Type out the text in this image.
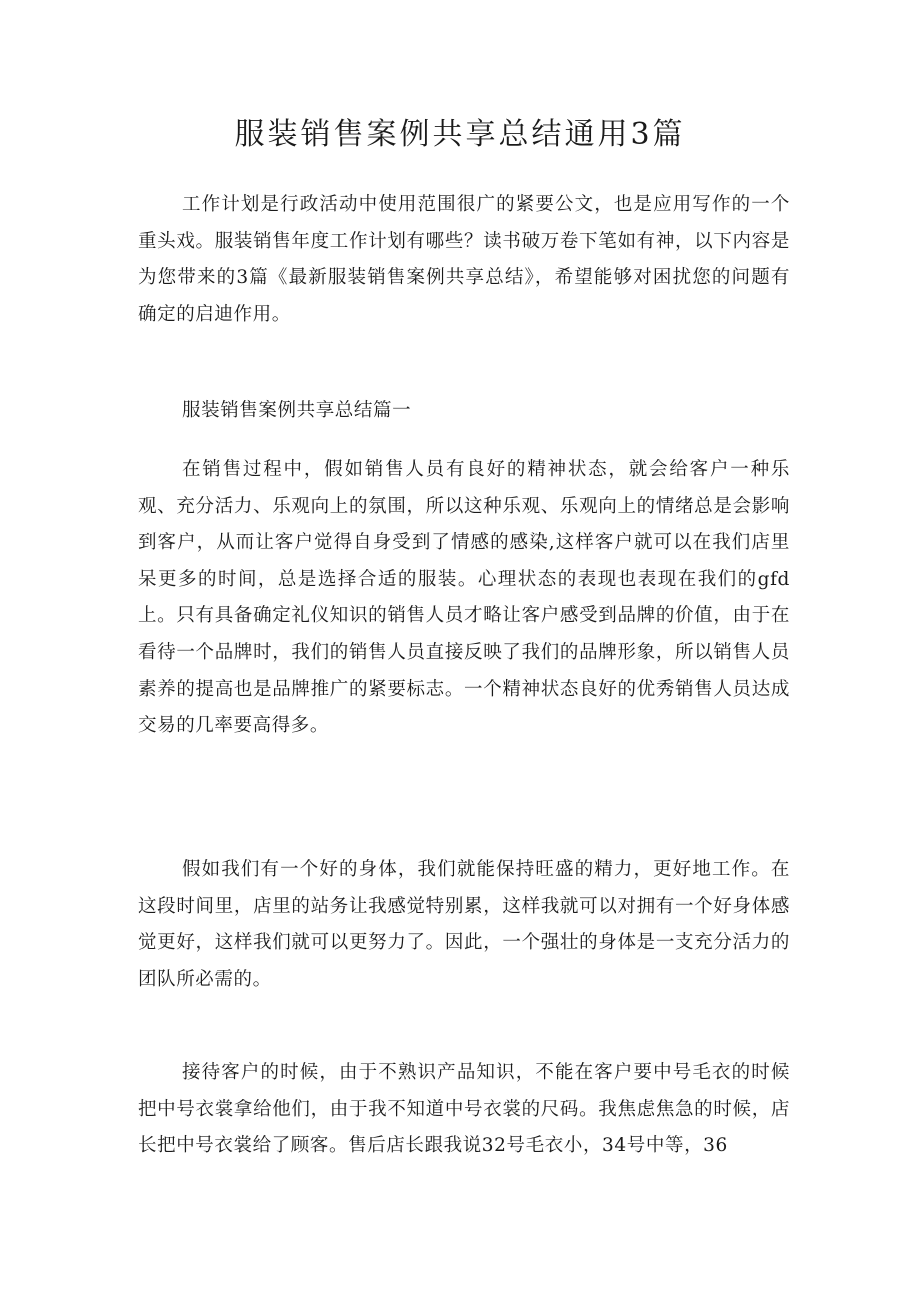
服装销售案例共享总结通用3篇

工作计划是行政活动中使用范围很广的紧要公文，也是应用写作的一个重头戏。服装销售年度工作计划有哪些？读书破万卷下笔如有神，以下内容是为您带来的3篇《最新服装销售案例共享总结》，希望能够对困扰您的问题有确定的启迪作用。

服装销售案例共享总结篇一

在销售过程中，假如销售人员有良好的精神状态，就会给客户一种乐观、充分活力、乐观向上的氛围，所以这种乐观、乐观向上的情绪总是会影响到客户，从而让客户觉得自身受到了情感的感染,这样客户就可以在我们店里呆更多的时间，总是选择合适的服装。心理状态的表现也表现在我们的gfd上。只有具备确定礼仪知识的销售人员才略让客户感受到品牌的价值，由于在看待一个品牌时，我们的销售人员直接反映了我们的品牌形象，所以销售人员素养的提高也是品牌推广的紧要标志。一个精神状态良好的优秀销售人员达成交易的几率要高得多。

假如我们有一个好的身体，我们就能保持旺盛的精力，更好地工作。在这段时间里，店里的站务让我感觉特别累，这样我就可以对拥有一个好身体感觉更好，这样我们就可以更努力了。因此，一个强壮的身体是一支充分活力的团队所必需的。

接待客户的时候，由于不熟识产品知识，不能在客户要中号毛衣的时候把中号衣裳拿给他们，由于我不知道中号衣裳的尺码。我焦虑焦急的时候，店长把中号衣裳给了顾客。售后店长跟我说32号毛衣小，34号中等，36
